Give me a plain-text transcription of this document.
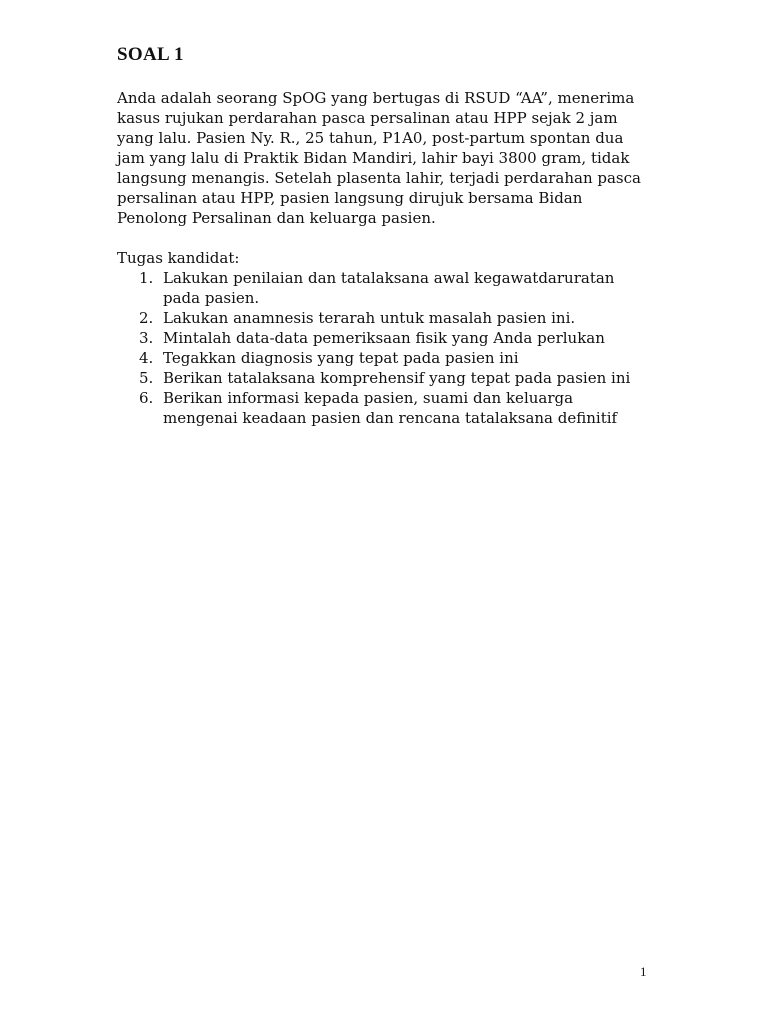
SOAL 1

Anda adalah seorang SpOG yang bertugas di RSUD “AA”, menerima
kasus rujukan perdarahan pasca persalinan atau HPP sejak 2 jam
yang lalu. Pasien Ny. R., 25 tahun, P1A0, post-partum spontan dua
jam yang lalu di Praktik Bidan Mandiri, lahir bayi 3800 gram, tidak
langsung menangis. Setelah plasenta lahir, terjadi perdarahan pasca
persalinan atau HPP, pasien langsung dirujuk bersama Bidan
Penolong Persalinan dan keluarga pasien.

Tugas kandidat:

1. Lakukan penilaian dan tatalaksana awal kegawatdaruratan
pada pasien.
2. Lakukan anamnesis terarah untuk masalah pasien ini.
3. Mintalah data-data pemeriksaan fisik yang Anda perlukan
4. Tegakkan diagnosis yang tepat pada pasien ini
5. Berikan tatalaksana komprehensif yang tepat pada pasien ini
6. Berikan informasi kepada pasien, suami dan keluarga
mengenai keadaan pasien dan rencana tatalaksana definitif
1
